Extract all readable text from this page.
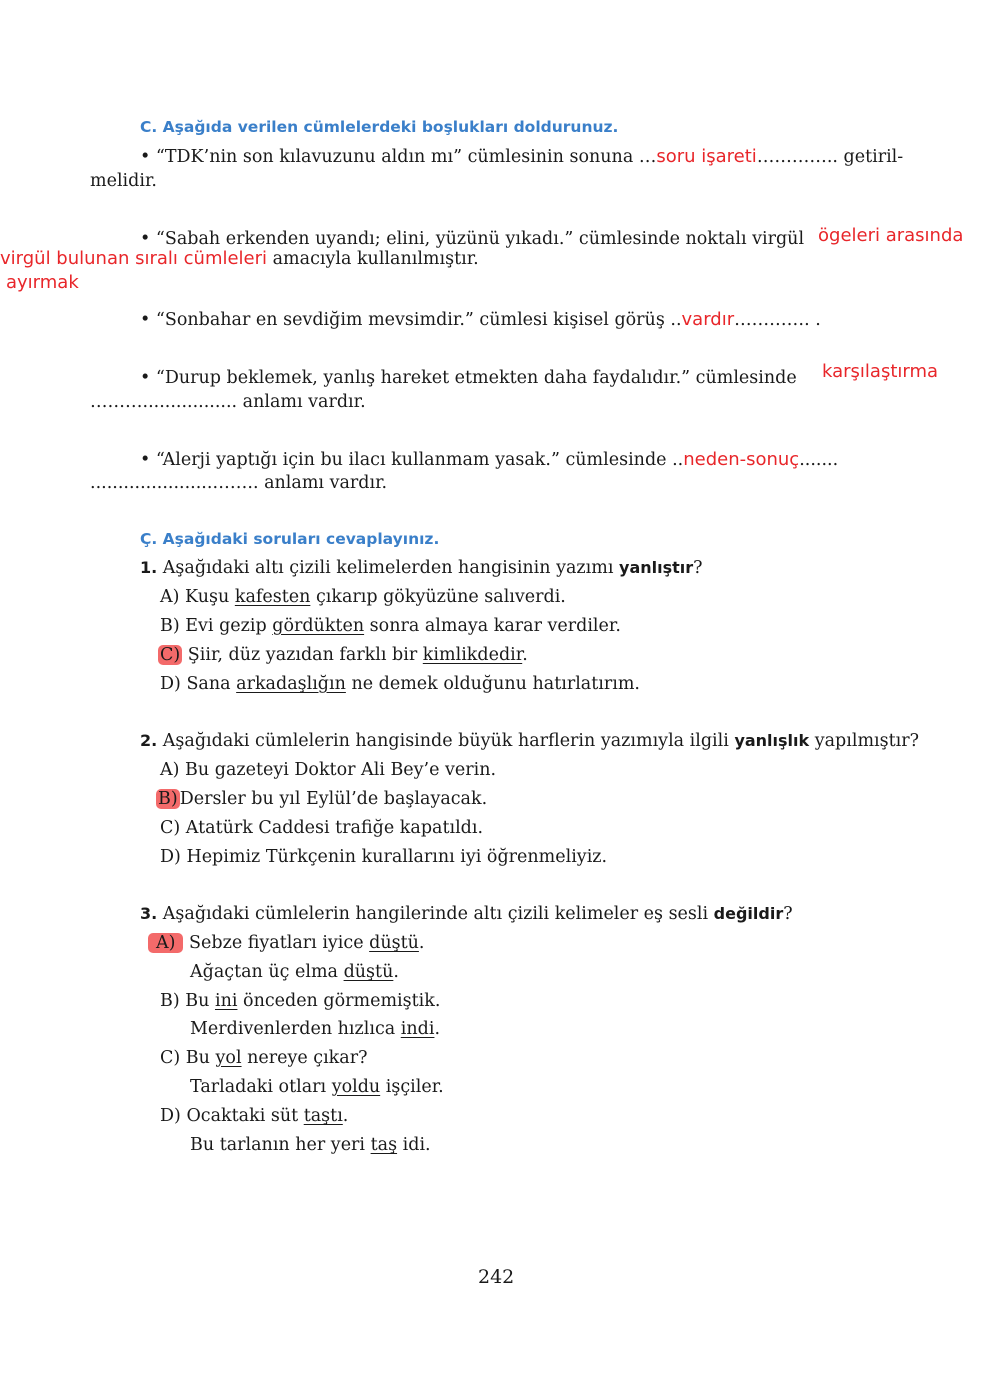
C. Aşağıda verilen cümlelerdeki boşlukları doldurunuz.
• “TDK’nin son kılavuzunu aldın mı” cümlesinin sonuna …soru işareti………….. getiril-
melidir.
• “Sabah erkenden uyandı; elini, yüzünü yıkadı.” cümlesinde noktalı virgül ögeleri arasında
virgül bulunan sıralı cümleleri amacıyla kullanılmıştır.
ayırmak
• “Sonbahar en sevdiğim mevsimdir.” cümlesi kişisel görüş ..vardır…………. .
• “Durup beklemek, yanlış hareket etmekten daha faydalıdır.” cümlesinde karşılaştırma
………................. anlamı vardır.
• “Alerji yaptığı için bu ilacı kullanmam yasak.” cümlesinde ..neden-sonuç.......
......................…….. anlamı vardır.
Ç. Aşağıdaki soruları cevaplayınız.
1. Aşağıdaki altı çizili kelimelerden hangisinin yazımı yanlıştır?
A) Kuşu kafesten çıkarıp gökyüzüne salıverdi.
B) Evi gezip gördükten sonra almaya karar verdiler.
C) Şiir, düz yazıdan farklı bir kimlikdedir.
D) Sana arkadaşlığın ne demek olduğunu hatırlatırım.
2. Aşağıdaki cümlelerin hangisinde büyük harflerin yazımıyla ilgili yanlışlık yapılmıştır?
A) Bu gazeteyi Doktor Ali Bey’e verin.
B) Dersler bu yıl Eylül’de başlayacak.
C) Atatürk Caddesi trafiğe kapatıldı.
D) Hepimiz Türkçenin kurallarını iyi öğrenmeliyiz.
3. Aşağıdaki cümlelerin hangilerinde altı çizili kelimeler eş sesli değildir?
A) Sebze fiyatları iyice düştü.
Ağaçtan üç elma düştü.
B) Bu ini önceden görmemiştik.
Merdivenlerden hızlıca indi.
C) Bu yol nereye çıkar?
Tarladaki otları yoldu işçiler.
D) Ocaktaki süt taştı.
Bu tarlanın her yeri taş idi.
242
